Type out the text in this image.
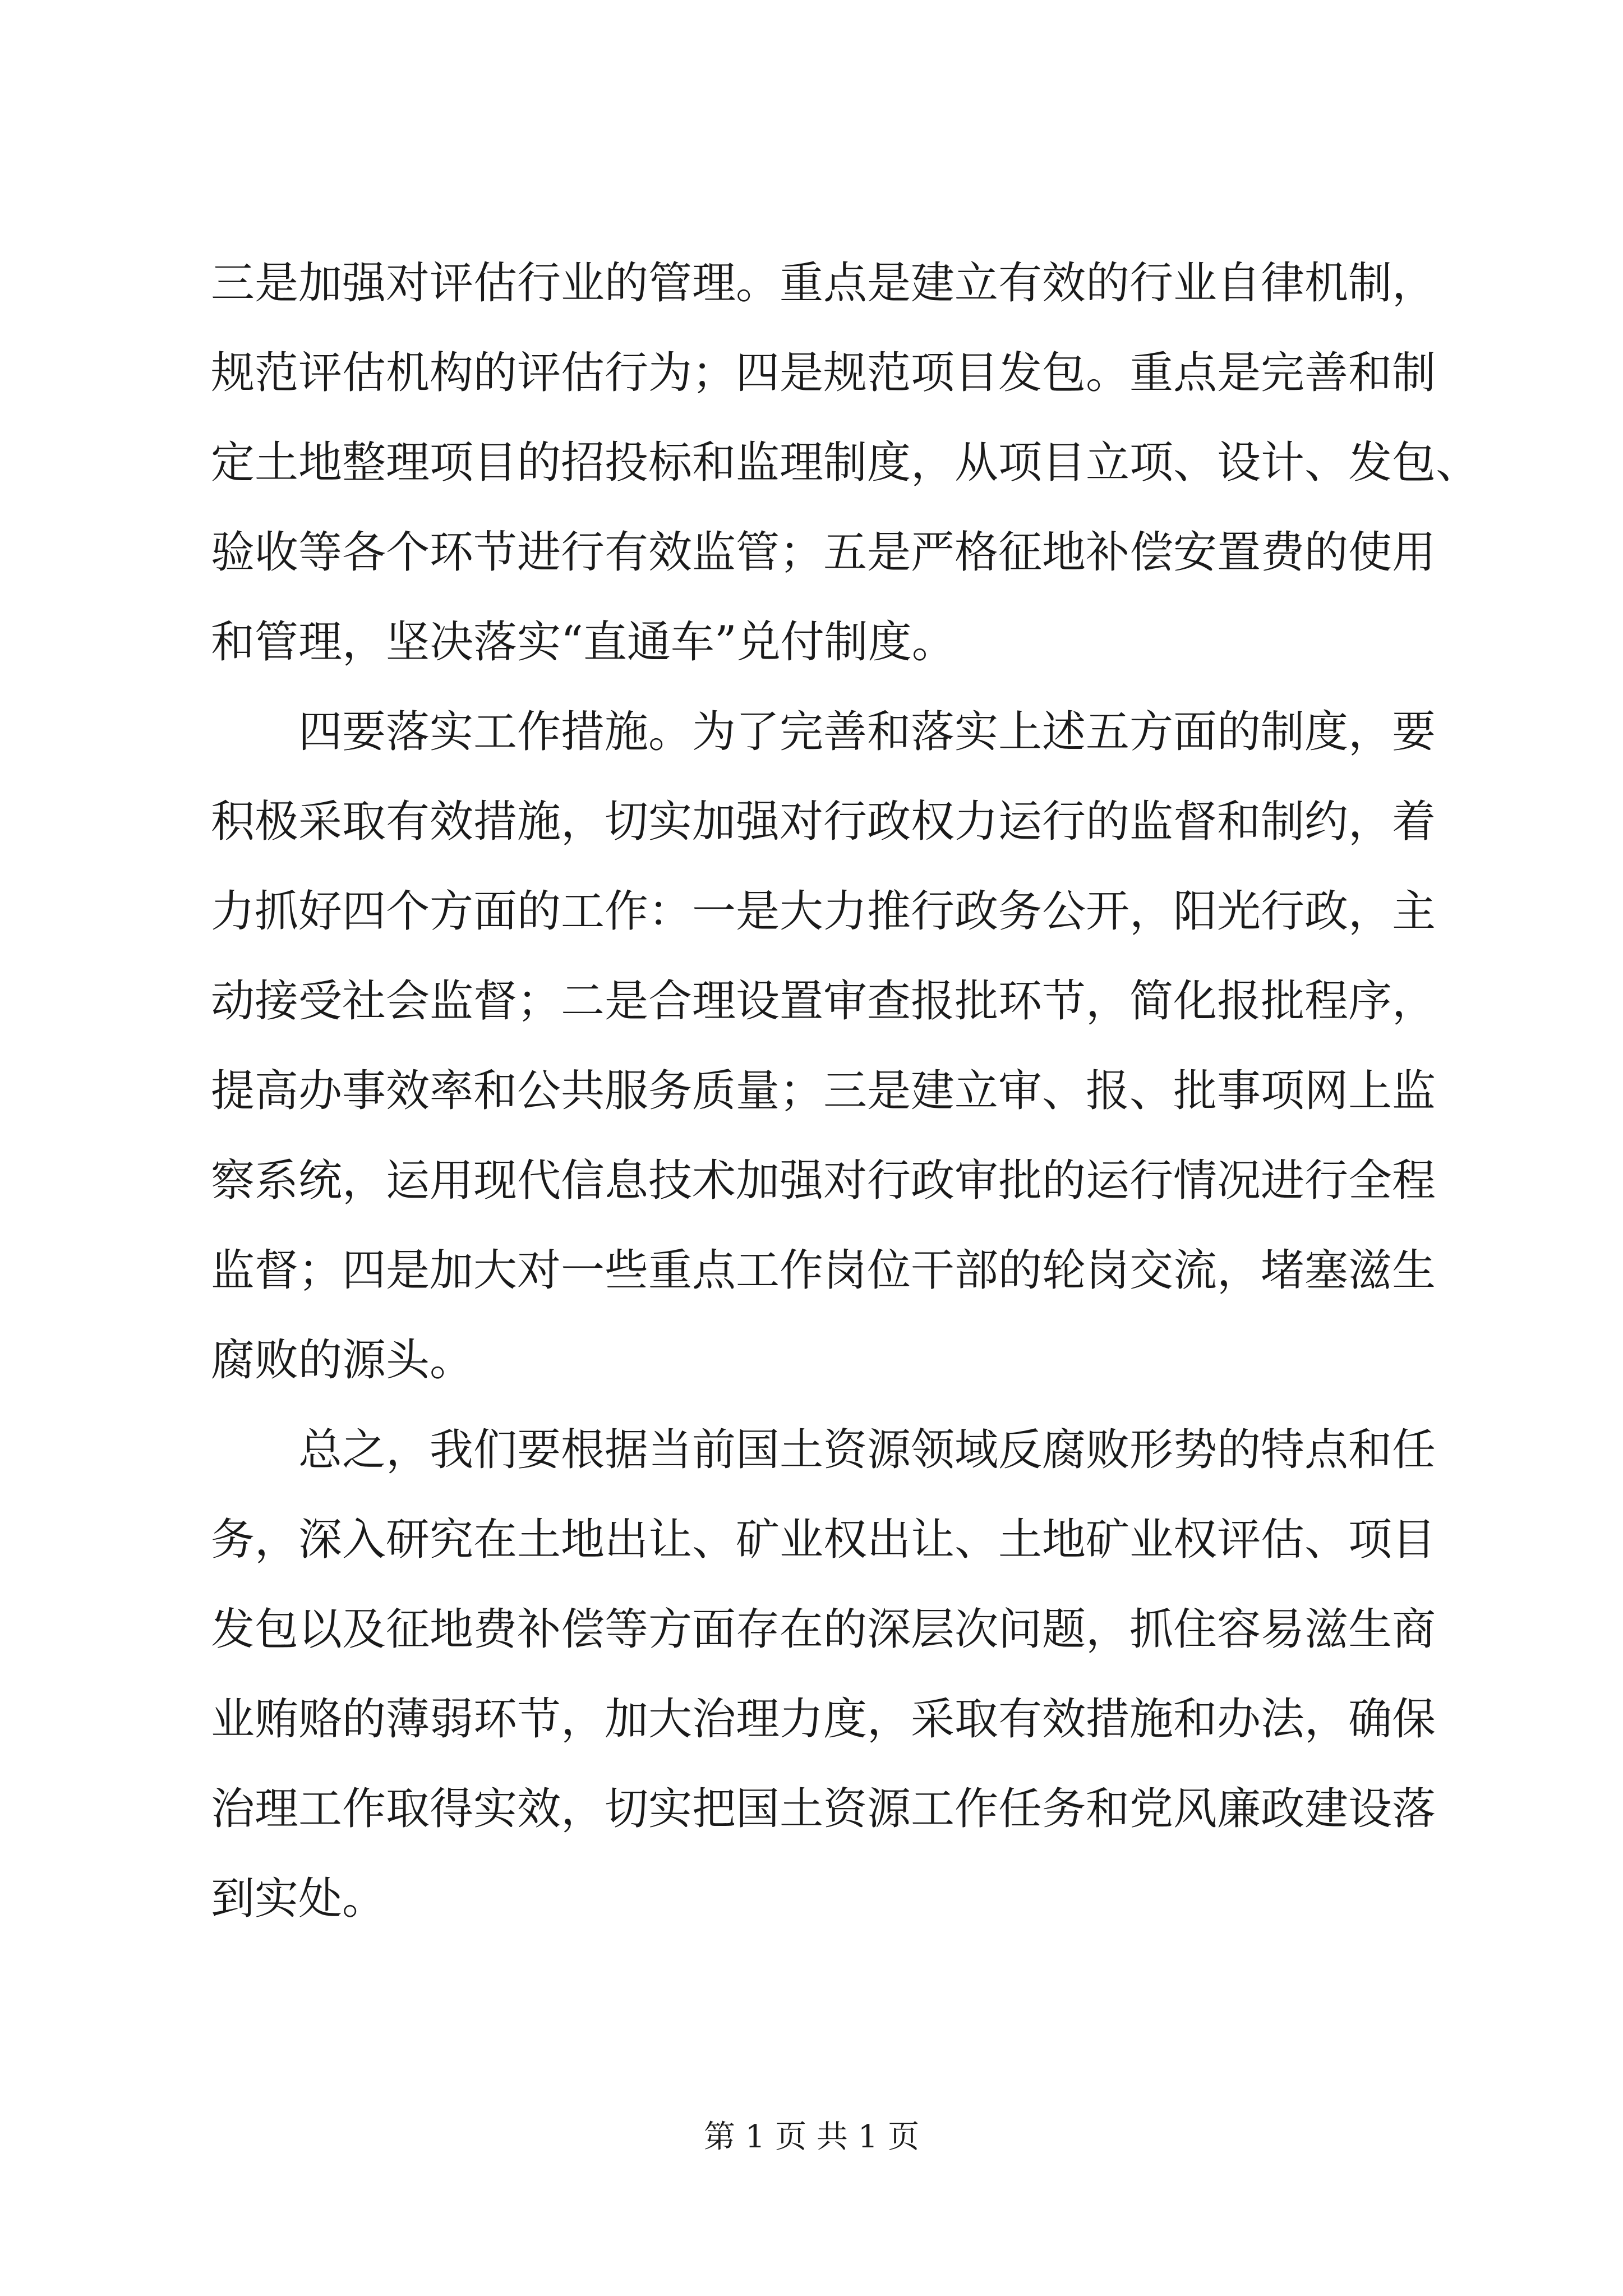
三是加强对评估行业的管理。重点是建立有效的行业自律机制，
规范评估机构的评估行为；四是规范项目发包。重点是完善和制
定土地整理项目的招投标和监理制度，从项目立项、设计、发包、
验收等各个环节进行有效监管；五是严格征地补偿安置费的使用
和管理，坚决落实“直通车”兑付制度。
四要落实工作措施。为了完善和落实上述五方面的制度，要
积极采取有效措施，切实加强对行政权力运行的监督和制约，着
力抓好四个方面的工作：一是大力推行政务公开，阳光行政，主
动接受社会监督；二是合理设置审查报批环节，简化报批程序，
提高办事效率和公共服务质量；三是建立审、报、批事项网上监
察系统，运用现代信息技术加强对行政审批的运行情况进行全程
监督；四是加大对一些重点工作岗位干部的轮岗交流，堵塞滋生
腐败的源头。
总之，我们要根据当前国土资源领域反腐败形势的特点和任
务，深入研究在土地出让、矿业权出让、土地矿业权评估、项目
发包以及征地费补偿等方面存在的深层次问题，抓住容易滋生商
业贿赂的薄弱环节，加大治理力度，采取有效措施和办法，确保
治理工作取得实效，切实把国土资源工作任务和党风廉政建设落
到实处。
第 1 页 共 1 页
